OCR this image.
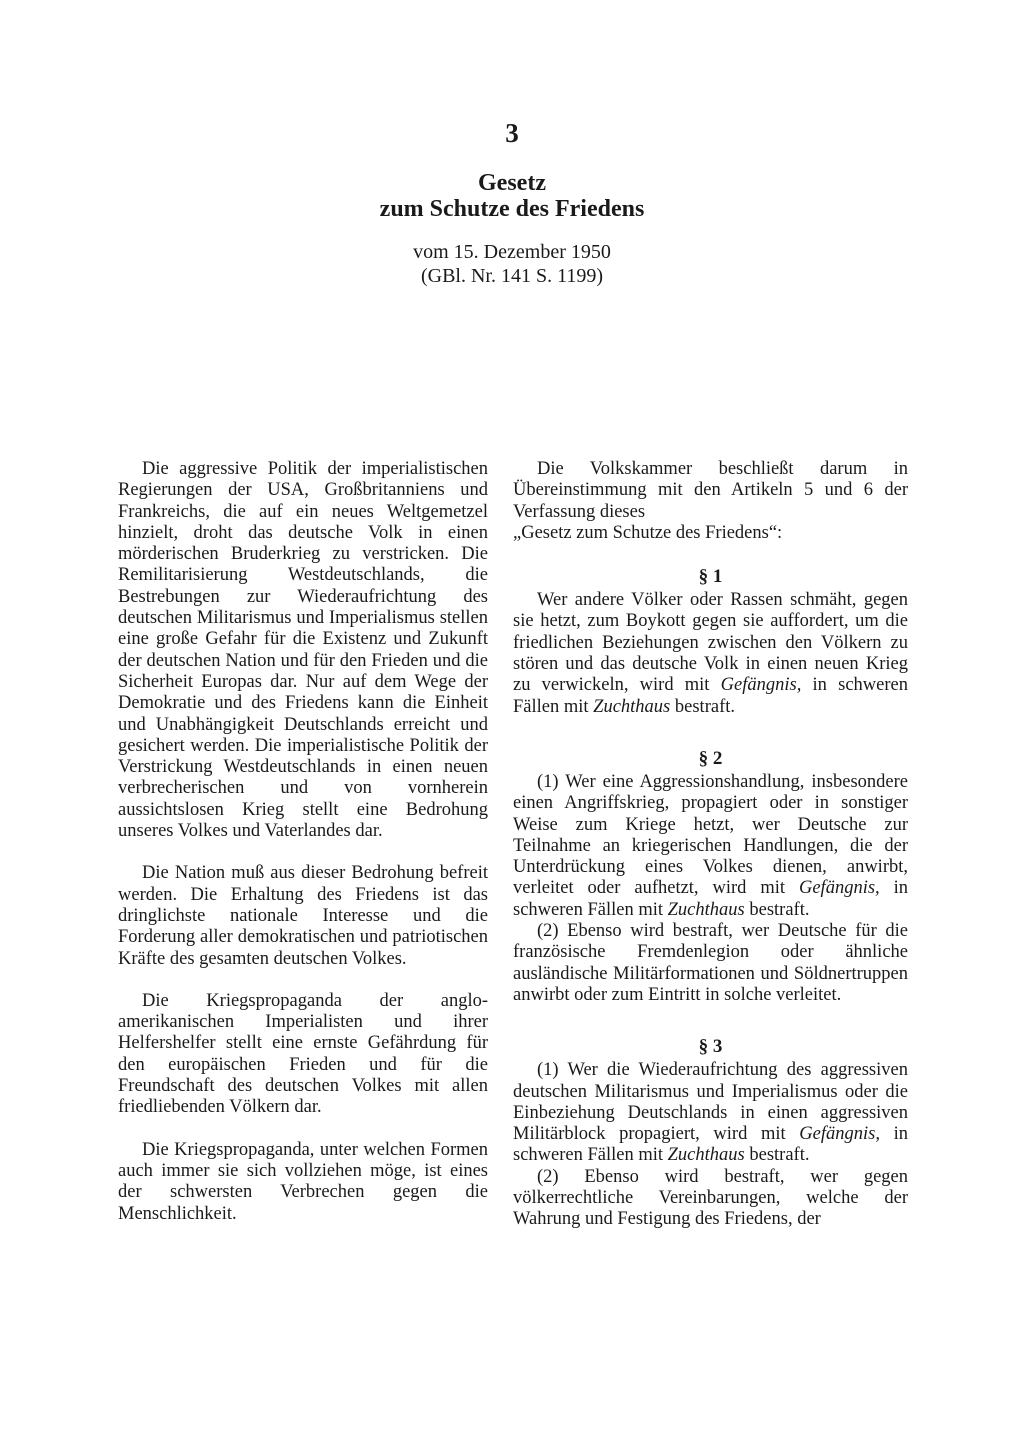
3

Gesetz
zum Schutze des Friedens
vom 15. Dezember 1950
(GBl. Nr. 141 S. 1199)

Die aggressive Politik der imperialistischen Regierungen der USA, Großbritanniens und Frankreichs, die auf ein neues Weltgemetzel hinzielt, droht das deutsche Volk in einen mörderischen Bruderkrieg zu verstricken. Die Remilitarisierung Westdeutschlands, die Bestrebungen zur Wiederaufrichtung des deutschen Militarismus und Imperialismus stellen eine große Gefahr für die Existenz und Zukunft der deutschen Nation und für den Frieden und die Sicherheit Europas dar. Nur auf dem Wege der Demokratie und des Friedens kann die Einheit und Unabhängigkeit Deutschlands erreicht und gesichert werden. Die imperialistische Politik der Verstrickung Westdeutschlands in einen neuen verbrecherischen und von vornherein aussichtslosen Krieg stellt eine Bedrohung unseres Volkes und Vaterlandes dar.

Die Nation muß aus dieser Bedrohung befreit werden. Die Erhaltung des Friedens ist das dringlichste nationale Interesse und die Forderung aller demokratischen und patriotischen Kräfte des gesamten deutschen Volkes.

Die Kriegspropaganda der anglo-amerikanischen Imperialisten und ihrer Helfershelfer stellt eine ernste Gefährdung für den europäischen Frieden und für die Freundschaft des deutschen Volkes mit allen friedliebenden Völkern dar.

Die Kriegspropaganda, unter welchen Formen auch immer sie sich vollziehen möge, ist eines der schwersten Verbrechen gegen die Menschlichkeit.

Die Volkskammer beschließt darum in Übereinstimmung mit den Artikeln 5 und 6 der Verfassung dieses
„Gesetz zum Schutze des Friedens“:

§ 1

Wer andere Völker oder Rassen schmäht, gegen sie hetzt, zum Boykott gegen sie auffordert, um die friedlichen Beziehungen zwischen den Völkern zu stören und das deutsche Volk in einen neuen Krieg zu verwickeln, wird mit Gefängnis, in schweren Fällen mit Zuchthaus bestraft.

§ 2

(1) Wer eine Aggressionshandlung, insbesondere einen Angriffskrieg, propagiert oder in sonstiger Weise zum Kriege hetzt, wer Deutsche zur Teilnahme an kriegerischen Handlungen, die der Unterdrückung eines Volkes dienen, anwirbt, verleitet oder aufhetzt, wird mit Gefängnis, in schweren Fällen mit Zuchthaus bestraft.

(2) Ebenso wird bestraft, wer Deutsche für die französische Fremdenlegion oder ähnliche ausländische Militärformationen und Söldnertruppen anwirbt oder zum Eintritt in solche verleitet.

§ 3

(1) Wer die Wiederaufrichtung des aggressiven deutschen Militarismus und Imperialismus oder die Einbeziehung Deutschlands in einen aggressiven Militärblock propagiert, wird mit Gefängnis, in schweren Fällen mit Zuchthaus bestraft.

(2) Ebenso wird bestraft, wer gegen völkerrechtliche Vereinbarungen, welche der Wahrung und Festigung des Friedens, der
